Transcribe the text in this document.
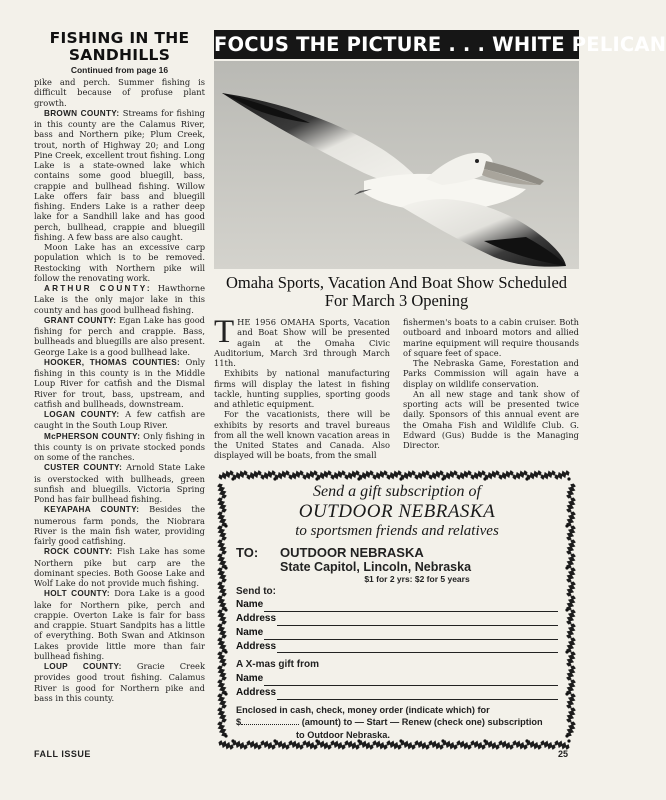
FISHING IN THE
SANDHILLS
Continued from page 16

pike and perch. Summer fishing is difficult because of profuse plant growth.

BROWN COUNTY: Streams for fishing in this county are the Calamus River, bass and Northern pike; Plum Creek, trout, north of Highway 20; and Long Pine Creek, excellent trout fishing. Long Lake is a state-owned lake which contains some good bluegill, bass, crappie and bullhead fishing. Willow Lake offers fair bass and bluegill fishing. Enders Lake is a rather deep lake for a Sandhill lake and has good perch, bullhead, crappie and bluegill fishing. A few bass are also caught.

Moon Lake has an excessive carp population which is to be removed. Restocking with Northern pike will follow the renovating work.

ARTHUR COUNTY: Hawthorne Lake is the only major lake in this county and has good bullhead fishing.

GRANT COUNTY: Egan Lake has good fishing for perch and crappie. Bass, bullheads and bluegills are also present. George Lake is a good bullhead lake.

HOOKER, THOMAS COUNTIES: Only fishing in this county is in the Middle Loup River for catfish and the Dismal River for trout, bass, upstream, and catfish and bullheads, downstream.

LOGAN COUNTY: A few catfish are caught in the South Loup River.

McPHERSON COUNTY: Only fishing in this county is on private stocked ponds on some of the ranches.

CUSTER COUNTY: Arnold State Lake is overstocked with bullheads, green sunfish and bluegills. Victoria Spring Pond has fair bullhead fishing.

KEYAPAHA COUNTY: Besides the numerous farm ponds, the Niobrara River is the main fish water, providing fairly good catfishing.

ROCK COUNTY: Fish Lake has some Northern pike but carp are the dominant species. Both Goose Lake and Wolf Lake do not provide much fishing.

HOLT COUNTY: Dora Lake is a good lake for Northern pike, perch and crappie. Overton Lake is fair for bass and crappie. Stuart Sandpits has a little of everything. Both Swan and Atkinson Lakes provide little more than fair bullhead fishing.

LOUP COUNTY: Gracie Creek provides good trout fishing. Calamus River is good for Northern pike and bass in this county.

FOCUS THE PICTURE . . . WHITE PELICAN
Omaha Sports, Vacation And Boat Show Scheduled
For March 3 Opening

THE 1956 OMAHA Sports, Vacation and Boat Show will be presented again at the Omaha Civic Auditorium, March 3rd through March 11th.

Exhibits by national manufacturing firms will display the latest in fishing tackle, hunting supplies, sporting goods and athletic equipment.

For the vacationists, there will be exhibits by resorts and travel bureaus from all the well known vacation areas in the United States and Canada. Also displayed will be boats, from the small

fishermen's boats to a cabin cruiser. Both outboard and inboard motors and allied marine equipment will require thousands of square feet of space.

The Nebraska Game, Forestation and Parks Commission will again have a display on wildlife conservation.

An all new stage and tank show of sporting acts will be presented twice daily. Sponsors of this annual event are the Omaha Fish and Wildlife Club. G. Edward (Gus) Budde is the Managing Director.

Send a gift subscription of
OUTDOOR NEBRASKA
to sportsmen friends and relatives
TO: OUTDOOR NEBRASKA
State Capitol, Lincoln, Nebraska
$1 for 2 yrs: $2 for 5 years
Send to:
Name
Address
Name
Address
A X-mas gift from
Name
Address
Enclosed in cash, check, money order (indicate which) for
$	(amount) to — Start — Renew (check one) subscription
to Outdoor Nebraska.
FALL ISSUE	25
